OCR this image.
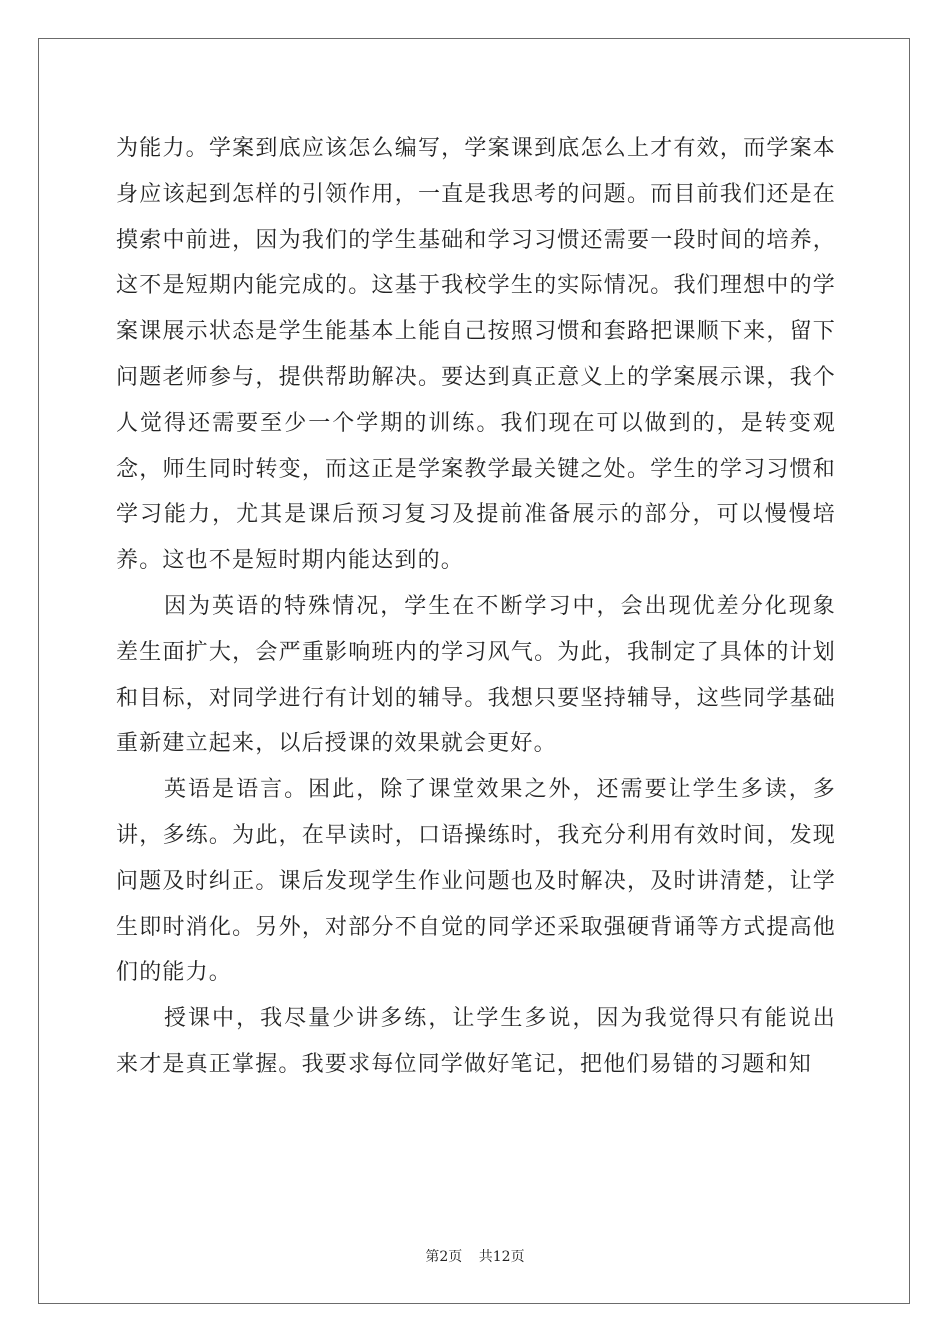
为能力。学案到底应该怎么编写，学案课到底怎么上才有效，而学案本身应该起到怎样的引领作用，一直是我思考的问题。而目前我们还是在摸索中前进，因为我们的学生基础和学习习惯还需要一段时间的培养，这不是短期内能完成的。这基于我校学生的实际情况。我们理想中的学案课展示状态是学生能基本上能自己按照习惯和套路把课顺下来，留下问题老师参与，提供帮助解决。要达到真正意义上的学案展示课，我个人觉得还需要至少一个学期的训练。我们现在可以做到的，是转变观念，师生同时转变，而这正是学案教学最关键之处。学生的学习习惯和学习能力，尤其是课后预习复习及提前准备展示的部分，可以慢慢培养。这也不是短时期内能达到的。

因为英语的特殊情况，学生在不断学习中，会出现优差分化现象差生面扩大，会严重影响班内的学习风气。为此，我制定了具体的计划和目标，对同学进行有计划的辅导。我想只要坚持辅导，这些同学基础重新建立起来，以后授课的效果就会更好。

英语是语言。困此，除了课堂效果之外，还需要让学生多读，多讲，多练。为此，在早读时，口语操练时，我充分利用有效时间，发现问题及时纠正。课后发现学生作业问题也及时解决，及时讲清楚，让学生即时消化。另外，对部分不自觉的同学还采取强硬背诵等方式提高他们的能力。

授课中，我尽量少讲多练，让学生多说，因为我觉得只有能说出来才是真正掌握。我要求每位同学做好笔记，把他们易错的习题和知

第2页 共12页
